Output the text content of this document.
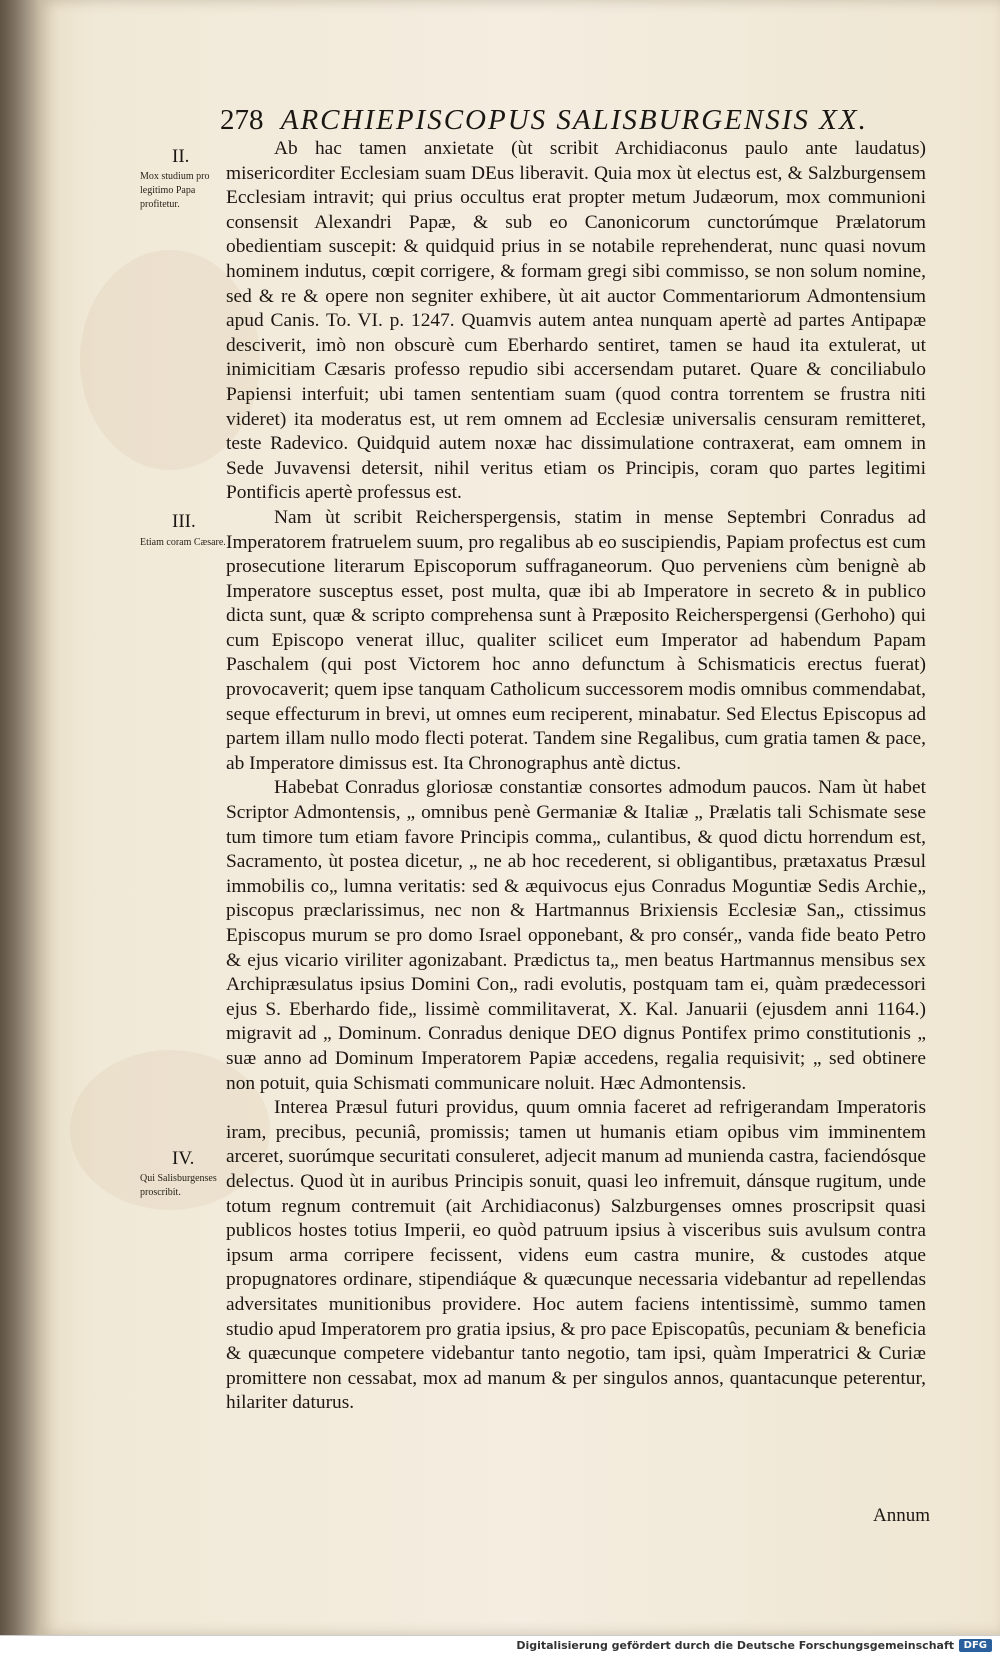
278 ARCHIEPISCOPUS SALISBURGENSIS XX.
II.
Mox studium pro legitimo Papa profitetur.
III.
Etiam coram Cæsare.
IV.
Qui Salisburgenses proscribit.

Ab hac tamen anxietate (ùt scribit Archidiaconus paulo ante laudatus) misericorditer Ecclesiam suam DEus liberavit. Quia mox ùt electus est, & Salzburgensem Ecclesiam intravit; qui prius occultus erat propter metum Judæorum, mox communioni consensit Alexandri Papæ, & sub eo Canonicorum cunctorúmque Prælatorum obedientiam suscepit: & quidquid prius in se notabile reprehenderat, nunc quasi novum hominem indutus, cœpit corrigere, & formam gregi sibi commisso, se non solum nomine, sed & re & opere non segniter exhibere, ùt ait auctor Commentariorum Admontensium apud Canis. To. VI. p. 1247. Quamvis autem antea nunquam apertè ad partes Antipapæ desciverit, imò non obscurè cum Eberhardo sentiret, tamen se haud ita extulerat, ut inimicitiam Cæsaris professo repudio sibi accersendam putaret. Quare & conciliabulo Papiensi interfuit; ubi tamen sententiam suam (quod contra torrentem se frustra niti videret) ita moderatus est, ut rem omnem ad Ecclesiæ universalis censuram remitteret, teste Radevico. Quidquid autem noxæ hac dissimulatione contraxerat, eam omnem in Sede Juvavensi detersit, nihil veritus etiam os Principis, coram quo partes legitimi Pontificis apertè professus est.

Nam ùt scribit Reicherspergensis, statim in mense Septembri Conradus ad Imperatorem fratruelem suum, pro regalibus ab eo suscipiendis, Papiam profectus est cum prosecutione literarum Episcoporum suffraganeorum. Quo perveniens cùm benignè ab Imperatore susceptus esset, post multa, quæ ibi ab Imperatore in secreto & in publico dicta sunt, quæ & scripto comprehensa sunt à Præposito Reicherspergensi (Gerhoho) qui cum Episcopo venerat illuc, qualiter scilicet eum Imperator ad habendum Papam Paschalem (qui post Victorem hoc anno defunctum à Schismaticis erectus fuerat) provocaverit; quem ipse tanquam Catholicum successorem modis omnibus commendabat, seque effecturum in brevi, ut omnes eum reciperent, minabatur. Sed Electus Episcopus ad partem illam nullo modo flecti poterat. Tandem sine Regalibus, cum gratia tamen & pace, ab Imperatore dimissus est. Ita Chronographus antè dictus.

Habebat Conradus gloriosæ constantiæ consortes admodum paucos. Nam ùt habet Scriptor Admontensis, „ omnibus penè Germaniæ & Italiæ „ Prælatis tali Schismate sese tum timore tum etiam favore Principis comma„ culantibus, & quod dictu horrendum est, Sacramento, ùt postea dicetur, „ ne ab hoc recederent, si obligantibus, prætaxatus Præsul immobilis co„ lumna veritatis: sed & æquivocus ejus Conradus Moguntiæ Sedis Archie„ piscopus præclarissimus, nec non & Hartmannus Brixiensis Ecclesiæ San„ ctissimus Episcopus murum se pro domo Israel opponebant, & pro consér„ vanda fide beato Petro & ejus vicario viriliter agonizabant. Prædictus ta„ men beatus Hartmannus mensibus sex Archipræsulatus ipsius Domini Con„ radi evolutis, postquam tam ei, quàm prædecessori ejus S. Eberhardo fide„ lissimè commilitaverat, X. Kal. Januarii (ejusdem anni 1164.) migravit ad „ Dominum. Conradus denique DEO dignus Pontifex primo constitutionis „ suæ anno ad Dominum Imperatorem Papiæ accedens, regalia requisivit; „ sed obtinere non potuit, quia Schismati communicare noluit. Hæc Admontensis.

Interea Præsul futuri providus, quum omnia faceret ad refrigerandam Imperatoris iram, precibus, pecuniâ, promissis; tamen ut humanis etiam opibus vim imminentem arceret, suorúmque securitati consuleret, adjecit manum ad munienda castra, faciendósque delectus. Quod ùt in auribus Principis sonuit, quasi leo infremuit, dánsque rugitum, unde totum regnum contremuit (ait Archidiaconus) Salzburgenses omnes proscripsit quasi publicos hostes totius Imperii, eo quòd patruum ipsius à visceribus suis avulsum contra ipsum arma corripere fecissent, videns eum castra munire, & custodes atque propugnatores ordinare, stipendiáque & quæcunque necessaria videbantur ad repellendas adversitates munitionibus providere. Hoc autem faciens intentissimè, summo tamen studio apud Imperatorem pro gratia ipsius, & pro pace Episcopatûs, pecuniam & beneficia & quæcunque competere videbantur tanto negotio, tam ipsi, quàm Imperatrici & Curiæ promittere non cessabat, mox ad manum & per singulos annos, quantacunque peterentur, hilariter daturus.

Annum
Digitalisierung gefördert durch die Deutsche Forschungsgemeinschaft DFG
